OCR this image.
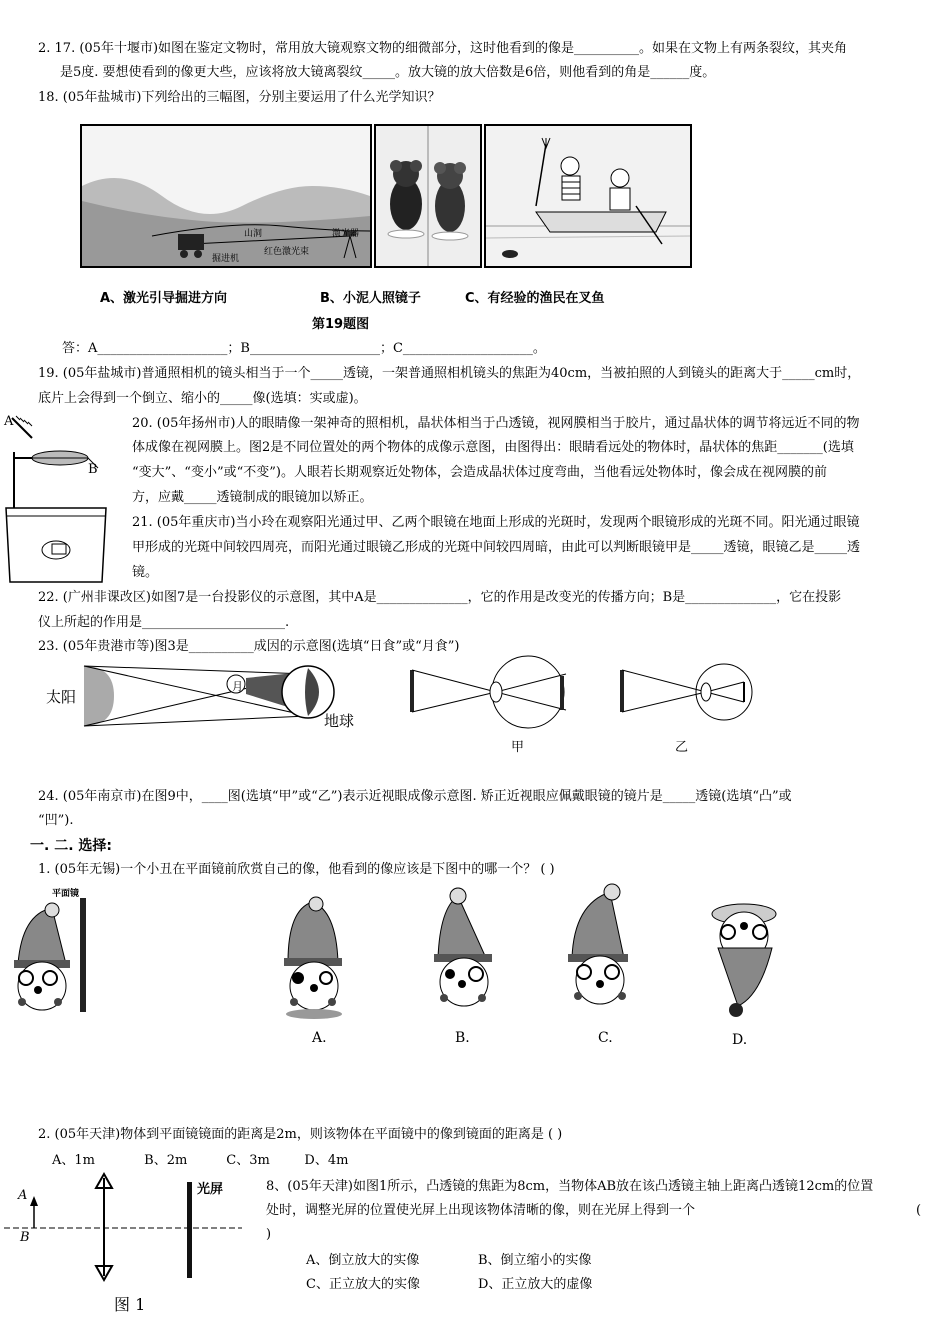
2. 17. (05年十堰市)如图在鉴定文物时，常用放大镜观察文物的细微部分，这时他看到的像是__________。如果在文物上有两条裂纹，其夹角
是5度. 要想使看到的像更大些，应该将放大镜离裂纹_____。放大镜的放大倍数是6倍，则他看到的角是______度。
18. (05年盐城市)下列给出的三幅图，分别主要运用了什么光学知识？
山洞	激光器
红色激光束
掘进机
A、激光引导掘进方向	B、小泥人照镜子	C、有经验的渔民在叉鱼
第19题图
答：A____________________；B____________________；C____________________。
19. (05年盐城市)普通照相机的镜头相当于一个_____透镜，一架普通照相机镜头的焦距为40cm，当被拍照的人到镜头的距离大于_____cm时，
底片上会得到一个倒立、缩小的_____像(选填：实或虚)。
A
B
20. (05年扬州市)人的眼睛像一架神奇的照相机，晶状体相当于凸透镜，视网膜相当于胶片，通过晶状体的调节将远近不同的物
体成像在视网膜上。图2是不同位置处的两个物体的成像示意图，由图得出：眼睛看远处的物体时，晶状体的焦距_______(选填
“变大”、“变小”或“不变”)。人眼若长期观察近处物体，会造成晶状体过度弯曲，当他看远处物体时，像会成在视网膜的前
方，应戴_____透镜制成的眼镜加以矫正。
21. (05年重庆市)当小玲在观察阳光通过甲、乙两个眼镜在地面上形成的光斑时，发现两个眼镜形成的光斑不同。阳光通过眼镜
甲形成的光斑中间较四周亮，而阳光通过眼镜乙形成的光斑中间较四周暗，由此可以判断眼镜甲是_____透镜，眼镜乙是_____透
镜。
22. (广州非课改区)如图7是一台投影仪的示意图，其中A是______________，它的作用是改变光的传播方向；B是______________，它在投影
仪上所起的作用是______________________.
23. (05年贵港市等)图3是__________成因的示意图(选填“日食”或“月食”)
太阳
月
地球
甲	乙
24. (05年南京市)在图9中，____图(选填“甲”或“乙”)表示近视眼成像示意图. 矫正近视眼应佩戴眼镜的镜片是_____透镜(选填“凸”或
“凹”).
一. 二. 选择:
1. (05年无锡)一个小丑在平面镜前欣赏自己的像，他看到的像应该是下图中的哪一个？ ( )
平面镜
A.	B.	C.	D.
2. (05年天津)物体到平面镜镜面的距离是2m，则该物体在平面镜中的像到镜面的距离是 ( )
A、1m	B、2m	C、3m	D、4m
A
B
光屏
图 1
8、(05年天津)如图1所示，凸透镜的焦距为8cm，当物体AB放在该凸透镜主轴上距离凸透镜12cm的位置
处时，调整光屏的位置使光屏上出现该物体清晰的像，则在光屏上得到一个	(
)
A、倒立放大的实像	B、倒立缩小的实像
C、正立放大的实像	D、正立放大的虚像
